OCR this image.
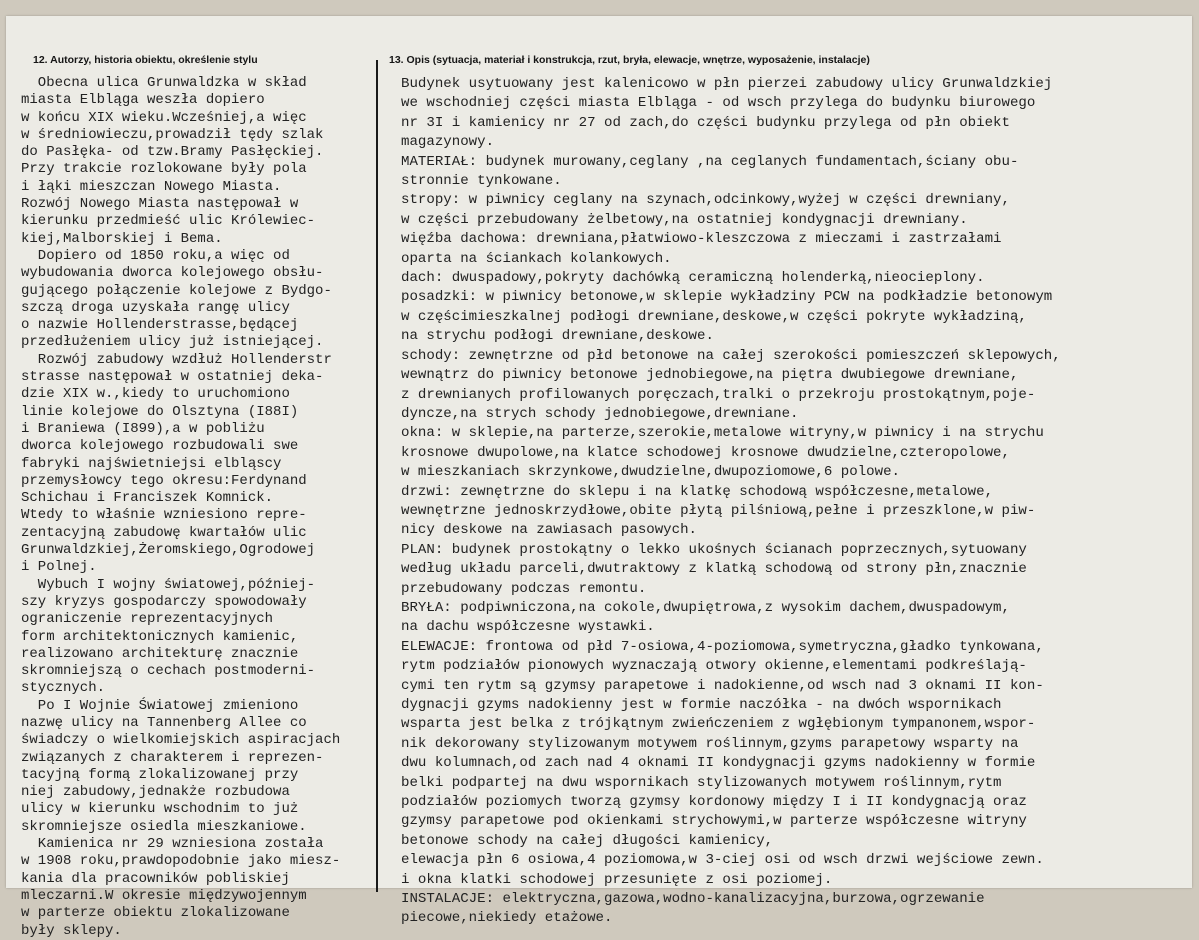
12. Autorzy, historia obiektu, określenie stylu	13. Opis (sytuacja, materiał i konstrukcja, rzut, bryła, elewacje, wnętrze, wyposażenie, instalacje)
Obecna ulica Grunwaldzka w skład
miasta Elbląga weszła dopiero
w końcu XIX wieku.Wcześniej,a więc
w średniowieczu,prowadził tędy szlak
do Pasłęka- od tzw.Bramy Pasłęckiej.
Przy trakcie rozlokowane były pola
i łąki mieszczan Nowego Miasta.
Rozwój Nowego Miasta następował w
kierunku przedmieść ulic Królewiec-
kiej,Malborskiej i Bema.
Dopiero od 1850 roku,a więc od
wybudowania dworca kolejowego obsłu-
gującego połączenie kolejowe z Bydgo-
szczą droga uzyskała rangę ulicy
o nazwie Hollenderstrasse,będącej
przedłużeniem ulicy już istniejącej.
Rozwój zabudowy wzdłuż Hollenderstr
strasse następował w ostatniej deka-
dzie XIX w.,kiedy to uruchomiono
linie kolejowe do Olsztyna (I88I)
i Braniewa (I899),a w pobliżu
dworca kolejowego rozbudowali swe
fabryki najświetniejsi elbląscy
przemysłowcy tego okresu:Ferdynand
Schichau i Franciszek Komnick.
Wtedy to właśnie wzniesiono repre-
zentacyjną zabudowę kwartałów ulic
Grunwaldzkiej,Żeromskiego,Ogrodowej
i Polnej.
Wybuch I wojny światowej,później-
szy kryzys gospodarczy spowodowały
ograniczenie reprezentacyjnych
form architektonicznych kamienic,
realizowano architekturę znacznie
skromniejszą o cechach postmoderni-
stycznych.
Po I Wojnie Światowej zmieniono
nazwę ulicy na Tannenberg Allee co
świadczy o wielkomiejskich aspiracjach
związanych z charakterem i reprezen-
tacyjną formą zlokalizowanej przy
niej zabudowy,jednakże rozbudowa
ulicy w kierunku wschodnim to już
skromniejsze osiedla mieszkaniowe.
Kamienica nr 29 wzniesiona została
w 1908 roku,prawdopodobnie jako miesz-
kania dla pracowników pobliskiej
mleczarni.W okresie międzywojennym
w parterze obiektu zlokalizowane
były sklepy.
Budynek usytuowany jest kalenicowo w płn pierzei zabudowy ulicy Grunwaldzkiej
we wschodniej części miasta Elbląga - od wsch przylega do budynku biurowego
nr 3I i kamienicy nr 27 od zach,do części budynku przylega od płn obiekt
magazynowy.
MATERIAŁ: budynek murowany,ceglany ,na ceglanych fundamentach,ściany obu-
stronnie tynkowane.
stropy: w piwnicy ceglany na szynach,odcinkowy,wyżej w części drewniany,
w części przebudowany żelbetowy,na ostatniej kondygnacji drewniany.
więźba dachowa: drewniana,płatwiowo-kleszczowa z mieczami i zastrzałami
oparta na ściankach kolankowych.
dach: dwuspadowy,pokryty dachówką ceramiczną holenderką,nieocieplony.
posadzki: w piwnicy betonowe,w sklepie wykładziny PCW na podkładzie betonowym
w częścimieszkalnej podłogi drewniane,deskowe,w części pokryte wykładziną,
na strychu podłogi drewniane,deskowe.
schody: zewnętrzne od płd betonowe na całej szerokości pomieszczeń sklepowych,
wewnątrz do piwnicy betonowe jednobiegowe,na piętra dwubiegowe drewniane,
z drewnianych profilowanych poręczach,tralki o przekroju prostokątnym,poje-
dyncze,na strych schody jednobiegowe,drewniane.
okna: w sklepie,na parterze,szerokie,metalowe witryny,w piwnicy i na strychu
krosnowe dwupolowe,na klatce schodowej krosnowe dwudzielne,czteropolowe,
w mieszkaniach skrzynkowe,dwudzielne,dwupoziomowe,6 polowe.
drzwi: zewnętrzne do sklepu i na klatkę schodową współczesne,metalowe,
wewnętrzne jednoskrzydłowe,obite płytą pilśniową,pełne i przeszklone,w piw-
nicy deskowe na zawiasach pasowych.
PLAN: budynek prostokątny o lekko ukośnych ścianach poprzecznych,sytuowany
według układu parceli,dwutraktowy z klatką schodową od strony płn,znacznie
przebudowany podczas remontu.
BRYŁA: podpiwniczona,na cokole,dwupiętrowa,z wysokim dachem,dwuspadowym,
na dachu współczesne wystawki.
ELEWACJE: frontowa od płd 7-osiowa,4-poziomowa,symetryczna,gładko tynkowana,
rytm podziałów pionowych wyznaczają otwory okienne,elementami podkreślają-
cymi ten rytm są gzymsy parapetowe i nadokienne,od wsch nad 3 oknami II kon-
dygnacji gzyms nadokienny jest w formie naczółka - na dwóch wspornikach
wsparta jest belka z trójkątnym zwieńczeniem z wgłębionym tympanonem,wspor-
nik dekorowany stylizowanym motywem roślinnym,gzyms parapetowy wsparty na
dwu kolumnach,od zach nad 4 oknami II kondygnacji gzyms nadokienny w formie
belki podpartej na dwu wspornikach stylizowanych motywem roślinnym,rytm
podziałów poziomych tworzą gzymsy kordonowy między I i II kondygnacją oraz
gzymsy parapetowe pod okienkami strychowymi,w parterze współczesne witryny
betonowe schody na całej długości kamienicy,
elewacja płn 6 osiowa,4 poziomowa,w 3-ciej osi od wsch drzwi wejściowe zewn.
i okna klatki schodowej przesunięte z osi poziomej.
INSTALACJE: elektryczna,gazowa,wodno-kanalizacyjna,burzowa,ogrzewanie
piecowe,niekiedy etażowe.
